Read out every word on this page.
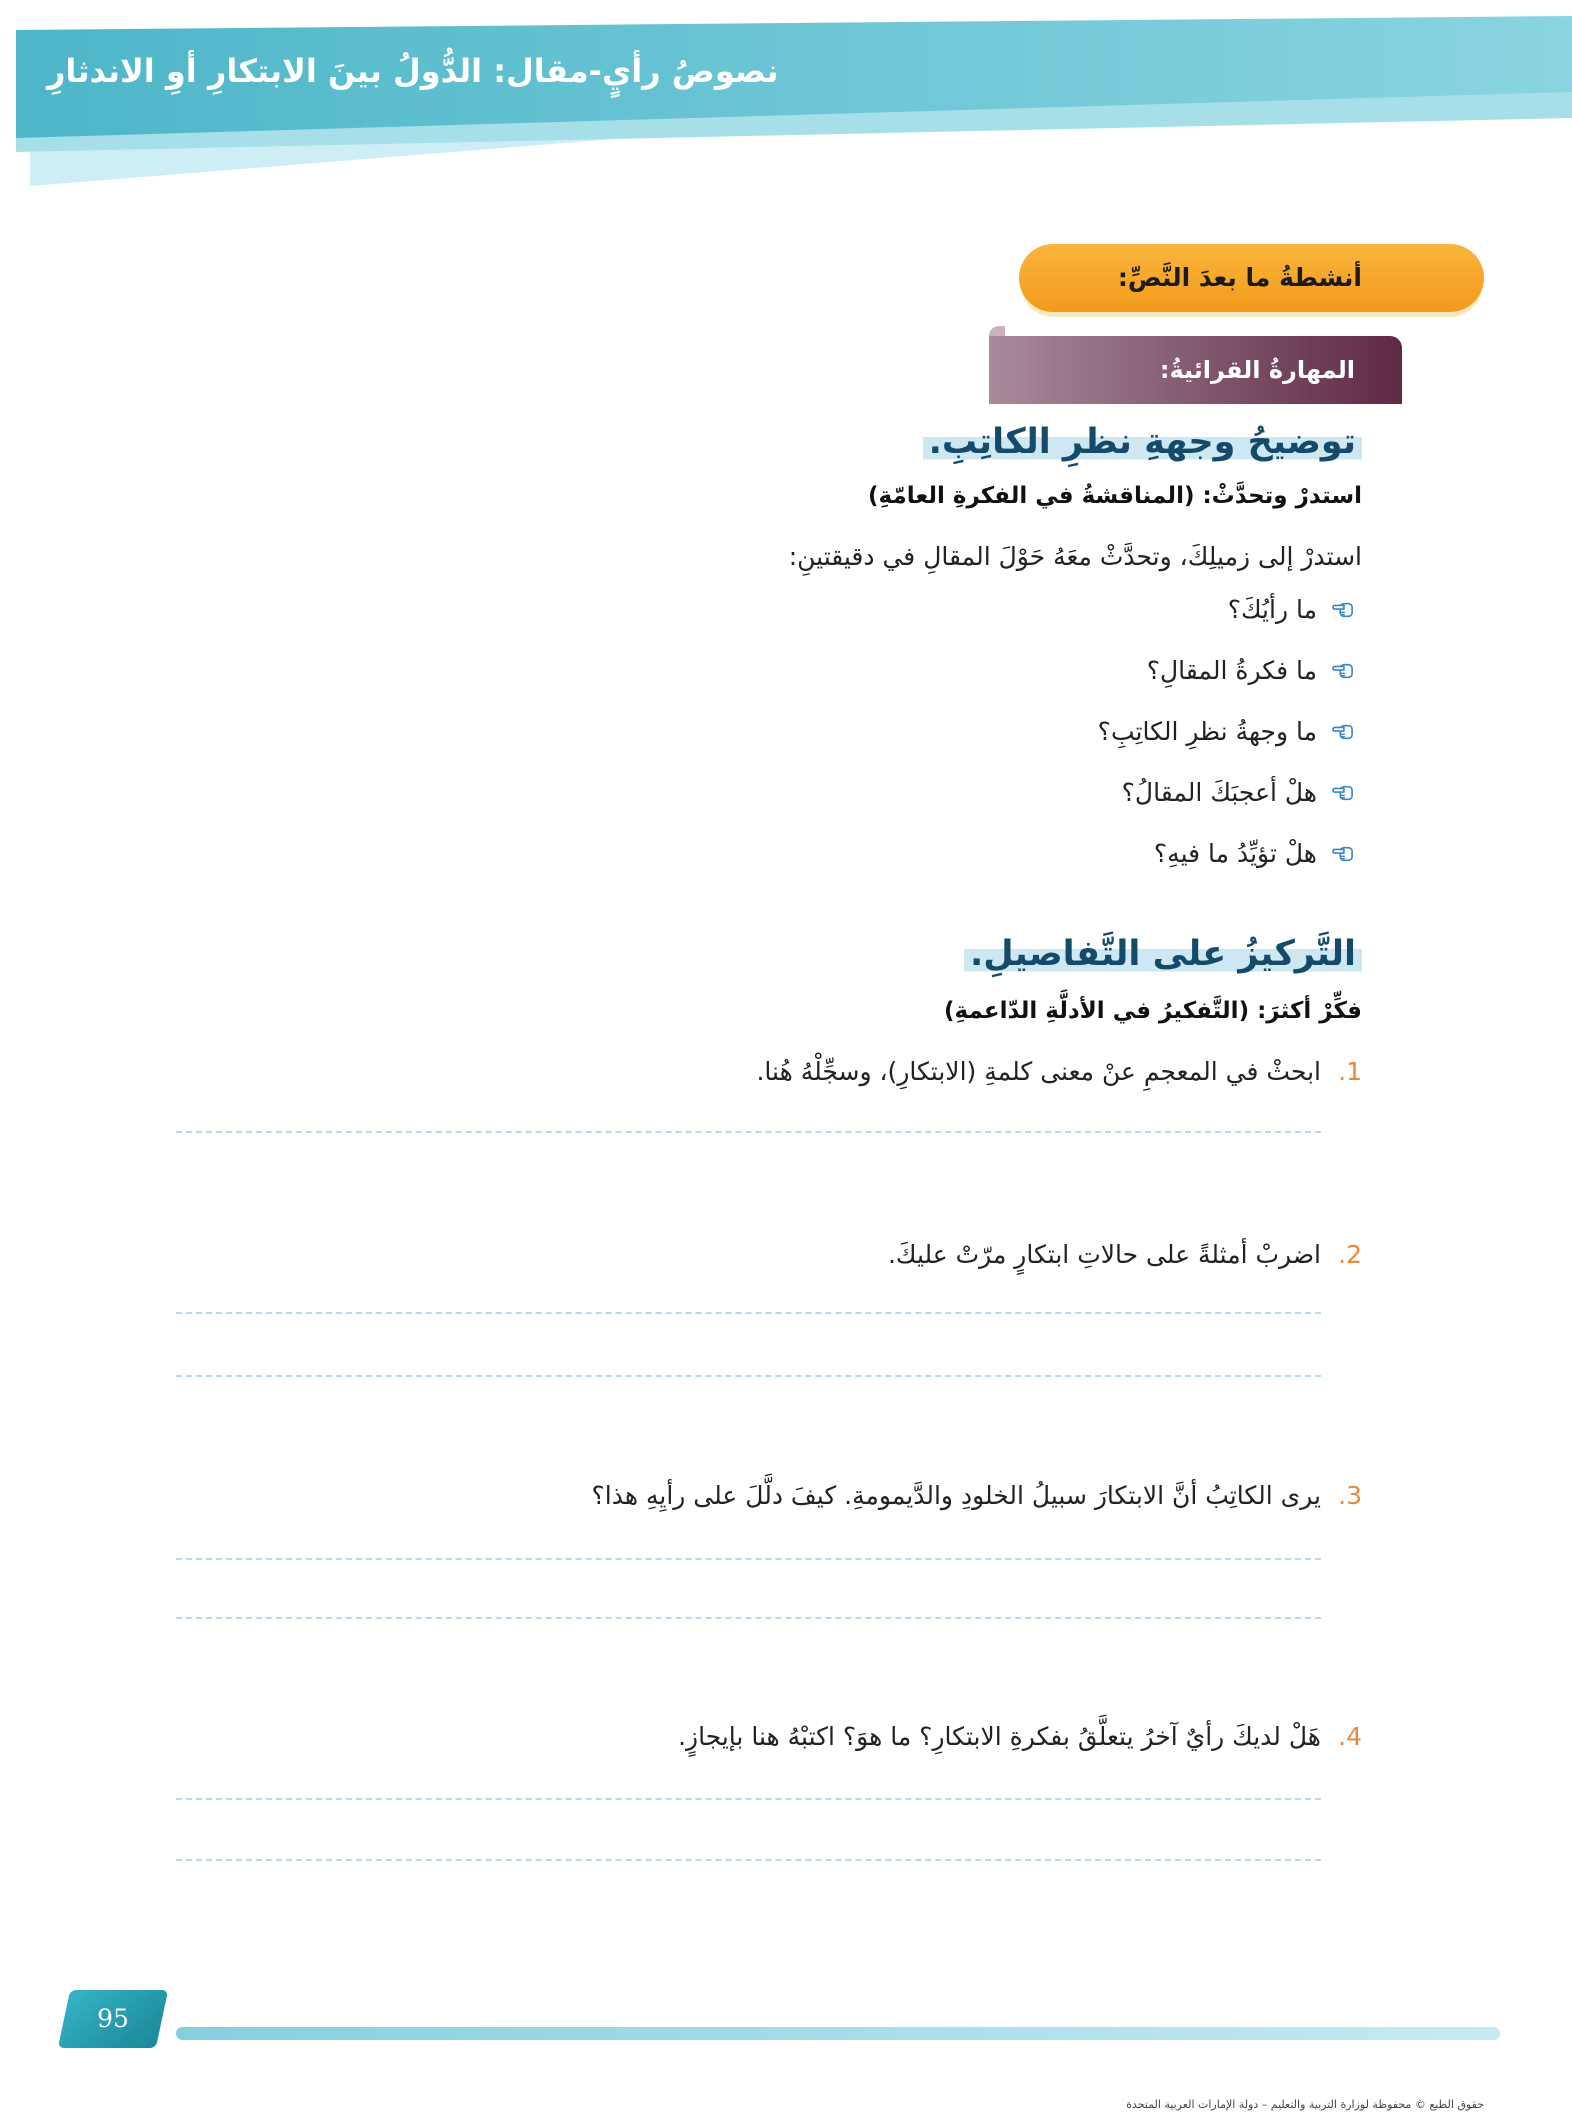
نصوصُ رأيٍ-مقال: الدُّولُ بينَ الابتكارِ أوِ الاندثارِ
أنشطةُ ما بعدَ النَّصِّ:
المهارةُ القرائيةُ:
توضيحُ وجهةِ نظرِ الكاتِبِ.
استدرْ وتحدَّثْ: (المناقشةُ في الفكرةِ العامّةِ)
استدرْ إلى زميلِكَ، وتحدَّثْ معَهُ حَوْلَ المقالِ في دقيقتينِ:
ما رأيُكَ؟
ما فكرةُ المقالِ؟
ما وجهةُ نظرِ الكاتِبِ؟
هلْ أعجبَكَ المقالُ؟
هلْ تؤيِّدُ ما فيهِ؟
التَّركيزُ على التَّفاصيلِ.
فكِّرْ أكثرَ: (التَّفكيرُ في الأدلَّةِ الدّاعمةِ)
1.
ابحثْ في المعجمِ عنْ معنى كلمةِ (الابتكارِ)، وسجِّلْهُ هُنا.
2.
اضربْ أمثلةً على حالاتِ ابتكارٍ مرّتْ عليكَ.
3.
يرى الكاتِبُ أنَّ الابتكارَ سبيلُ الخلودِ والدَّيمومةِ. كيفَ دلَّلَ على رأيِهِ هذا؟
4.
هَلْ لديكَ رأيٌ آخرُ يتعلَّقُ بفكرةِ الابتكارِ؟ ما هوَ؟ اكتبْهُ هنا بإيجازٍ.
95
حقوق الطبع © محفوظة لوزارة التربية والتعليم – دولة الإمارات العربية المتحدة
